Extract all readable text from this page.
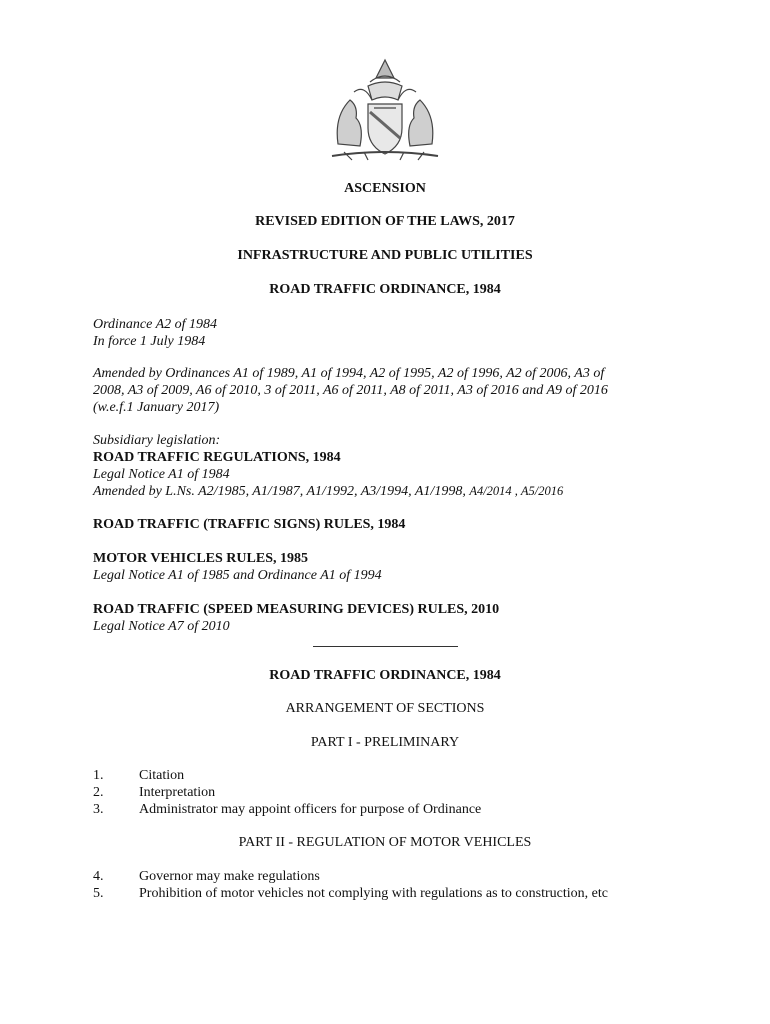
ASCENSION
REVISED EDITION OF THE LAWS, 2017
INFRASTRUCTURE AND PUBLIC UTILITIES
ROAD TRAFFIC ORDINANCE, 1984
Ordinance A2 of 1984
In force 1 July 1984
Amended by Ordinances A1 of 1989, A1 of 1994, A2 of 1995, A2 of 1996, A2 of 2006, A3 of
2008, A3 of 2009, A6 of 2010, 3 of 2011, A6 of 2011, A8 of 2011, A3 of 2016 and A9 of 2016
(w.e.f.1 January 2017)
Subsidiary legislation:
ROAD TRAFFIC REGULATIONS, 1984
Legal Notice A1 of 1984
Amended by L.Ns. A2/1985, A1/1987, A1/1992, A3/1994, A1/1998, A4/2014 , A5/2016
ROAD TRAFFIC (TRAFFIC SIGNS) RULES, 1984
MOTOR VEHICLES RULES, 1985
Legal Notice A1 of 1985 and Ordinance A1 of 1994
ROAD TRAFFIC (SPEED MEASURING DEVICES) RULES, 2010
Legal Notice A7 of 2010
ROAD TRAFFIC ORDINANCE, 1984
ARRANGEMENT OF SECTIONS
PART I - PRELIMINARY
1.	Citation
2.	Interpretation
3.	Administrator may appoint officers for purpose of Ordinance
PART II - REGULATION OF MOTOR VEHICLES
4.	Governor may make regulations
5.	Prohibition of motor vehicles not complying with regulations as to construction, etc
